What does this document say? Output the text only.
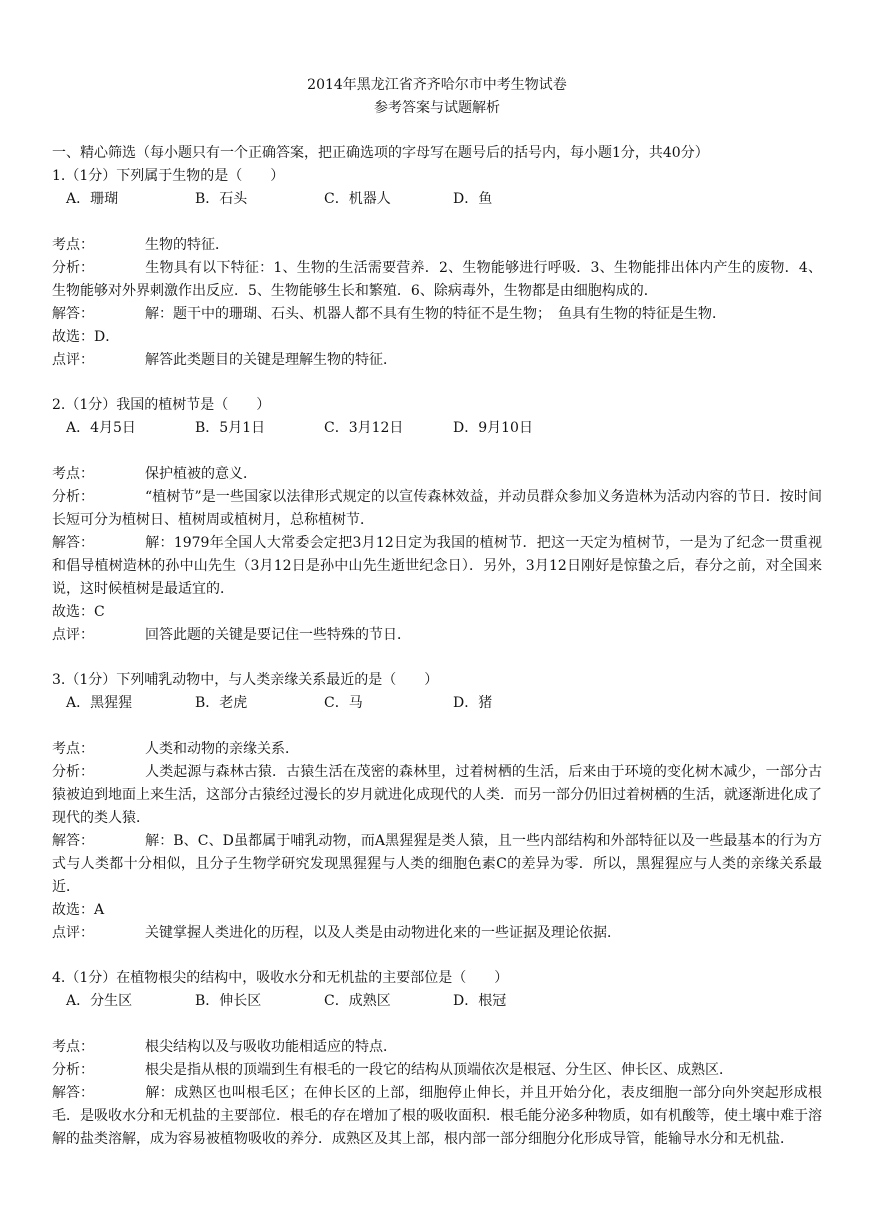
2014年黑龙江省齐齐哈尔市中考生物试卷
参考答案与试题解析
一、精心筛选（每小题只有一个正确答案，把正确选项的字母写在题号后的括号内，每小题1分，共40分）
1.（1分）下列属于生物的是（　　）
A．珊瑚	B．石头	C．机器人	D．鱼
考点：	生物的特征．
分析：	生物具有以下特征：1、生物的生活需要营养．2、生物能够进行呼吸．3、生物能排出体内产生的废物．4、生物能够对外界刺激作出反应．5、生物能够生长和繁殖．6、除病毒外，生物都是由细胞构成的．
解答：	解：题干中的珊瑚、石头、机器人都不具有生物的特征不是生物；　鱼具有生物的特征是生物．
故选：D．
点评：	解答此类题目的关键是理解生物的特征．
2.（1分）我国的植树节是（　　）
A．4月5日	B．5月1日	C．3月12日	D．9月10日
考点：	保护植被的意义．
分析：	“植树节”是一些国家以法律形式规定的以宣传森林效益，并动员群众参加义务造林为活动内容的节日．按时间长短可分为植树日、植树周或植树月，总称植树节．
解答：	解：1979年全国人大常委会定把3月12日定为我国的植树节．把这一天定为植树节，一是为了纪念一贯重视和倡导植树造林的孙中山先生（3月12日是孙中山先生逝世纪念日）．另外，3月12日刚好是惊蛰之后，春分之前，对全国来说，这时候植树是最适宜的．
故选：C
点评：	回答此题的关键是要记住一些特殊的节日．
3.（1分）下列哺乳动物中，与人类亲缘关系最近的是（　　）
A．黑猩猩	B．老虎	C．马	D．猪
考点：	人类和动物的亲缘关系．
分析：	人类起源与森林古猿．古猿生活在茂密的森林里，过着树栖的生活，后来由于环境的变化树木减少，一部分古猿被迫到地面上来生活，这部分古猿经过漫长的岁月就进化成现代的人类．而另一部分仍旧过着树栖的生活，就逐渐进化成了现代的类人猿．
解答：	解：B、C、D虽都属于哺乳动物，而A黑猩猩是类人猿，且一些内部结构和外部特征以及一些最基本的行为方式与人类都十分相似，且分子生物学研究发现黑猩猩与人类的细胞色素C的差异为零．所以，黑猩猩应与人类的亲缘关系最近．
故选：A
点评：	关键掌握人类进化的历程，以及人类是由动物进化来的一些证据及理论依据．
4.（1分）在植物根尖的结构中，吸收水分和无机盐的主要部位是（　　）
A．分生区	B．伸长区	C．成熟区	D．根冠
考点：	根尖结构以及与吸收功能相适应的特点．
分析：	根尖是指从根的顶端到生有根毛的一段它的结构从顶端依次是根冠、分生区、伸长区、成熟区．
解答：	解：成熟区也叫根毛区；在伸长区的上部，细胞停止伸长，并且开始分化，表皮细胞一部分向外突起形成根毛．是吸收水分和无机盐的主要部位．根毛的存在增加了根的吸收面积．根毛能分泌多种物质，如有机酸等，使土壤中难于溶解的盐类溶解，成为容易被植物吸收的养分．成熟区及其上部，根内部一部分细胞分化形成导管，能输导水分和无机盐．
